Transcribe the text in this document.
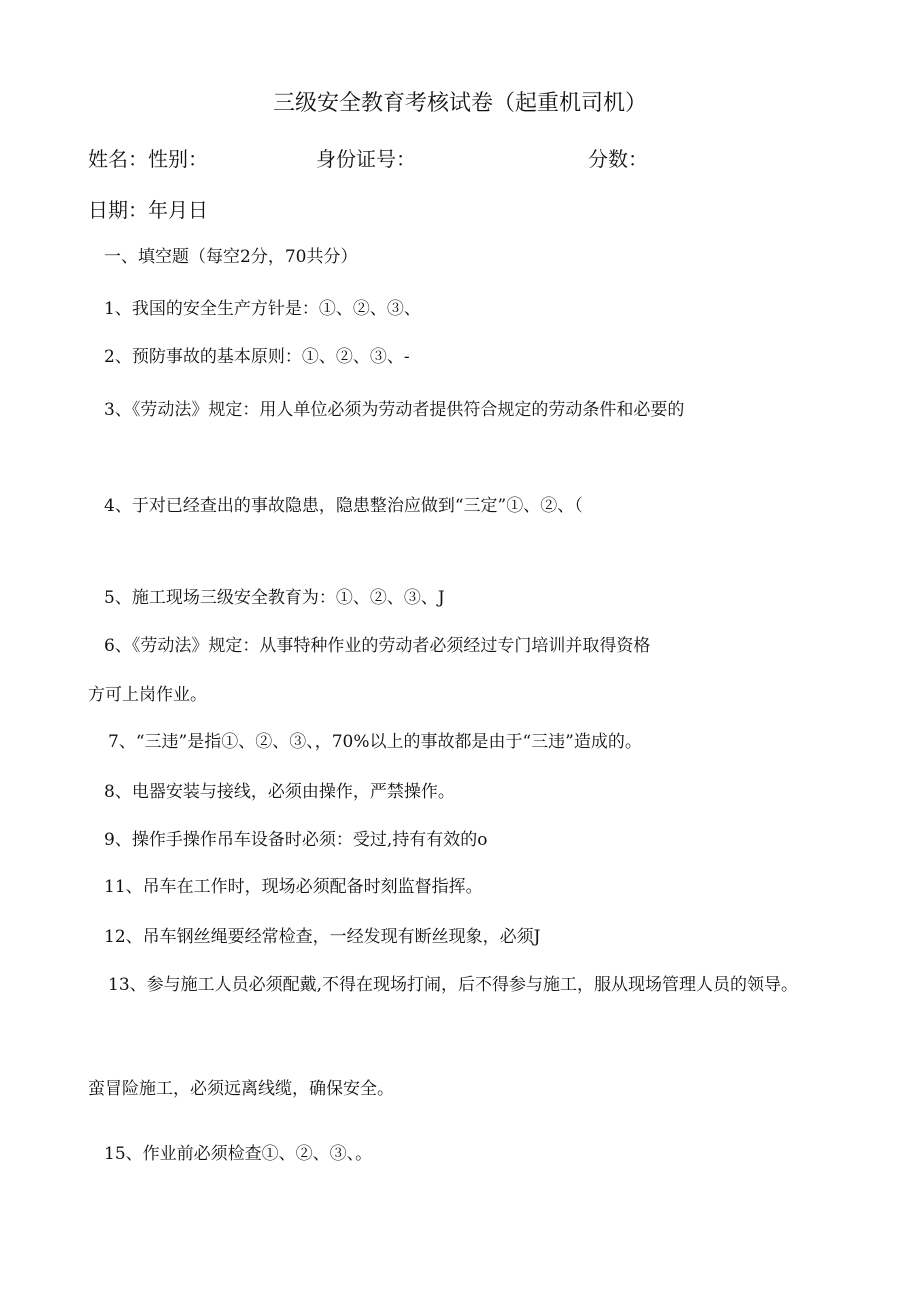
三级安全教育考核试卷（起重机司机）
姓名：性别：	身份证号：	分数：
日期：年月日
一、填空题（每空2分，70共分）
1、我国的安全生产方针是：①、②、③、
2、预防事故的基本原则：①、②、③、-
3、《劳动法》规定：用人单位必须为劳动者提供符合规定的劳动条件和必要的
4、于对已经查出的事故隐患，隐患整治应做到“三定”①、②、（
5、施工现场三级安全教育为：①、②、③、J
6、《劳动法》规定：从事特种作业的劳动者必须经过专门培训并取得资格
方可上岗作业。
7、“三违”是指①、②、③、，70%以上的事故都是由于“三违”造成的。
8、电器安装与接线，必须由操作，严禁操作。
9、操作手操作吊车设备时必须：受过,持有有效的o
11、吊车在工作时，现场必须配备时刻监督指挥。
12、吊车钢丝绳要经常检查，一经发现有断丝现象，必须J
13、参与施工人员必须配戴,不得在现场打闹，后不得参与施工，服从现场管理人员的领导。
蛮冒险施工，必须远离线缆，确保安全。
15、作业前必须检查①、②、③、。
